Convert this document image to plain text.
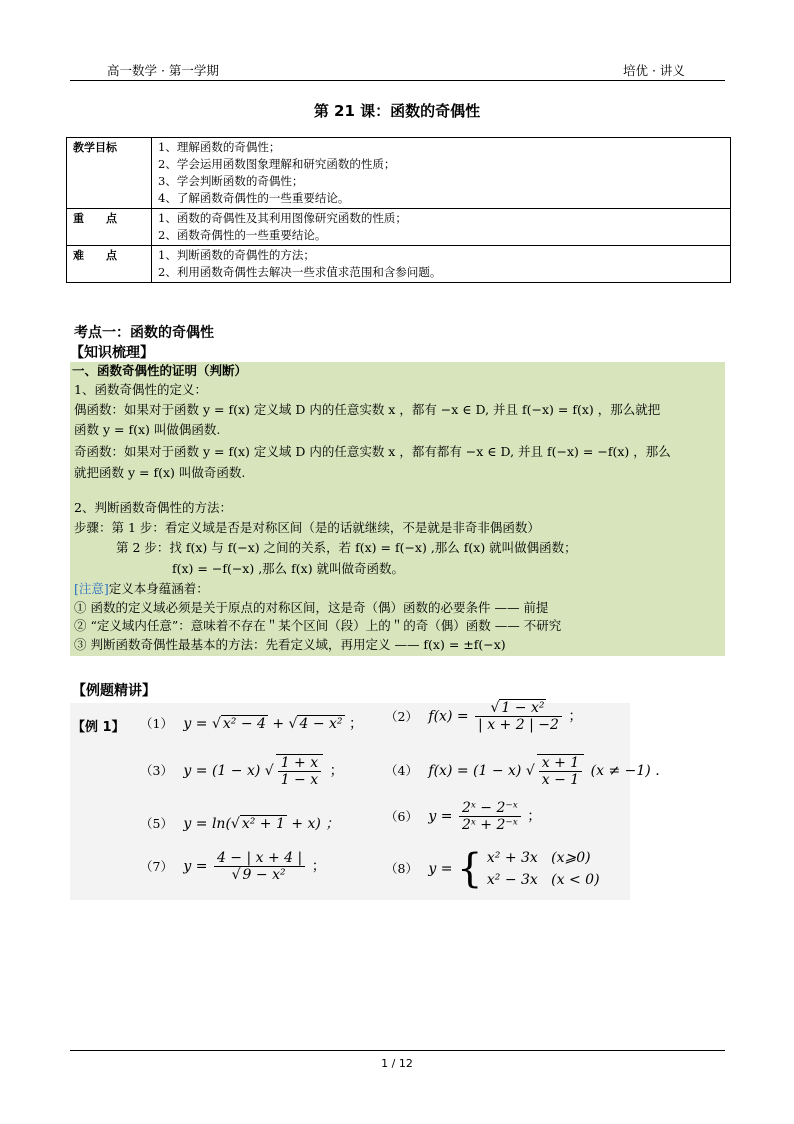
高一数学 · 第一学期	培优 · 讲义
第 21 课：函数的奇偶性
教学目标	1、理解函数的奇偶性；
2、学会运用函数图象理解和研究函数的性质；
3、学会判断函数的奇偶性；
4、了解函数奇偶性的一些重要结论。

重　　点	1、函数的奇偶性及其利用图像研究函数的性质；
2、函数奇偶性的一些重要结论。

难　　点	1、判断函数的奇偶性的方法；
2、利用函数奇偶性去解决一些求值求范围和含参问题。
考点一：函数的奇偶性
【知识梳理】
一、函数奇偶性的证明（判断）
1、函数奇偶性的定义：
偶函数：如果对于函数 y = f(x) 定义域 D 内的任意实数 x ，都有 −x ∈ D, 并且 f(−x) = f(x) ，那么就把
函数 y = f(x) 叫做偶函数.
奇函数：如果对于函数 y = f(x) 定义域 D 内的任意实数 x ，都有都有 −x ∈ D, 并且 f(−x) = −f(x) ，那么
就把函数 y = f(x) 叫做奇函数.
2、判断函数奇偶性的方法：
步骤：第 1 步：看定义域是否是对称区间（是的话就继续，不是就是非奇非偶函数）
第 2 步：找 f(x) 与 f(−x) 之间的关系，若 f(x) = f(−x) ,那么 f(x) 就叫做偶函数；
f(x) = −f(−x) ,那么 f(x) 就叫做奇函数。
[注意]定义本身蕴涵着：
① 函数的定义域必须是关于原点的对称区间，这是奇（偶）函数的必要条件 —— 前提
② “定义域内任意”：意味着不存在＂某个区间（段）上的＂的奇（偶）函数 —— 不研究
③ 判断函数奇偶性最基本的方法：先看定义域，再用定义 —— f(x) = ±f(−x)
【例题精讲】
【例 1】 （1） y = √ x² − 4 + √ 4 − x² ； （2） $f(x) = \frac{\text{√ 1 − x²}}{| x + 2 | -2}$ ；
（3） y = (1 − x) √ $\frac{1 + x}{1 - x}$ ；	（4） f(x) = (1 − x) √ $\frac{x + 1}{x - 1} (x \ne -1)$ .
（5） y = ln(√ x² + 1 + x) ；	（6） $y = \frac{\text{2ˣ − 2⁻ˣ}}{\text{2ˣ + 2⁻ˣ}}$ ；
（7） $y = \frac{4 - | x + 4 |}{\text{√ 9 − x²}}$ ；	（8） y = { x² + 3x (x⩾0)
x² − 3x (x < 0)
1 / 12
